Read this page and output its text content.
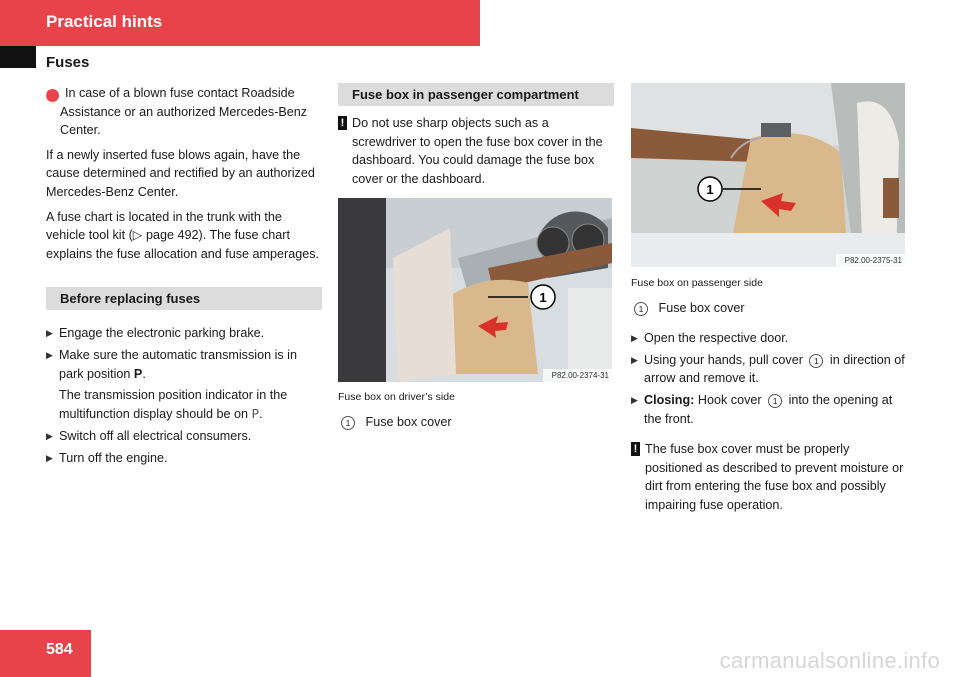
Practical hints
Fuses

i In case of a blown fuse contact Roadside Assistance or an authorized Mercedes-Benz Center.

If a newly inserted fuse blows again, have the cause determined and rectified by an authorized Mercedes-Benz Center.

A fuse chart is located in the trunk with the vehicle tool kit (▷ page 492). The fuse chart explains the fuse allocation and fuse amperages.

Before replacing fuses
▶ Engage the electronic parking brake.
▶ Make sure the automatic transmission is in park position P.
The transmission position indicator in the multifunction display should be on P.
▶ Switch off all electrical consumers.
▶ Turn off the engine.
Fuse box in passenger compartment

! Do not use sharp objects such as a screwdriver to open the fuse box cover in the dashboard. You could damage the fuse box cover or the dashboard.

1
P82.00-2374-31

Fuse box on driver’s side

1 Fuse box cover

1
P82.00-2375-31

Fuse box on passenger side

1 Fuse box cover

▶ Open the respective door.
▶ Using your hands, pull cover 1 in direction of arrow and remove it.
▶ Closing: Hook cover 1 into the opening at the front.

! The fuse box cover must be properly positioned as described to prevent moisture or dirt from entering the fuse box and possibly impairing fuse operation.

584	carmanualsonline.info
